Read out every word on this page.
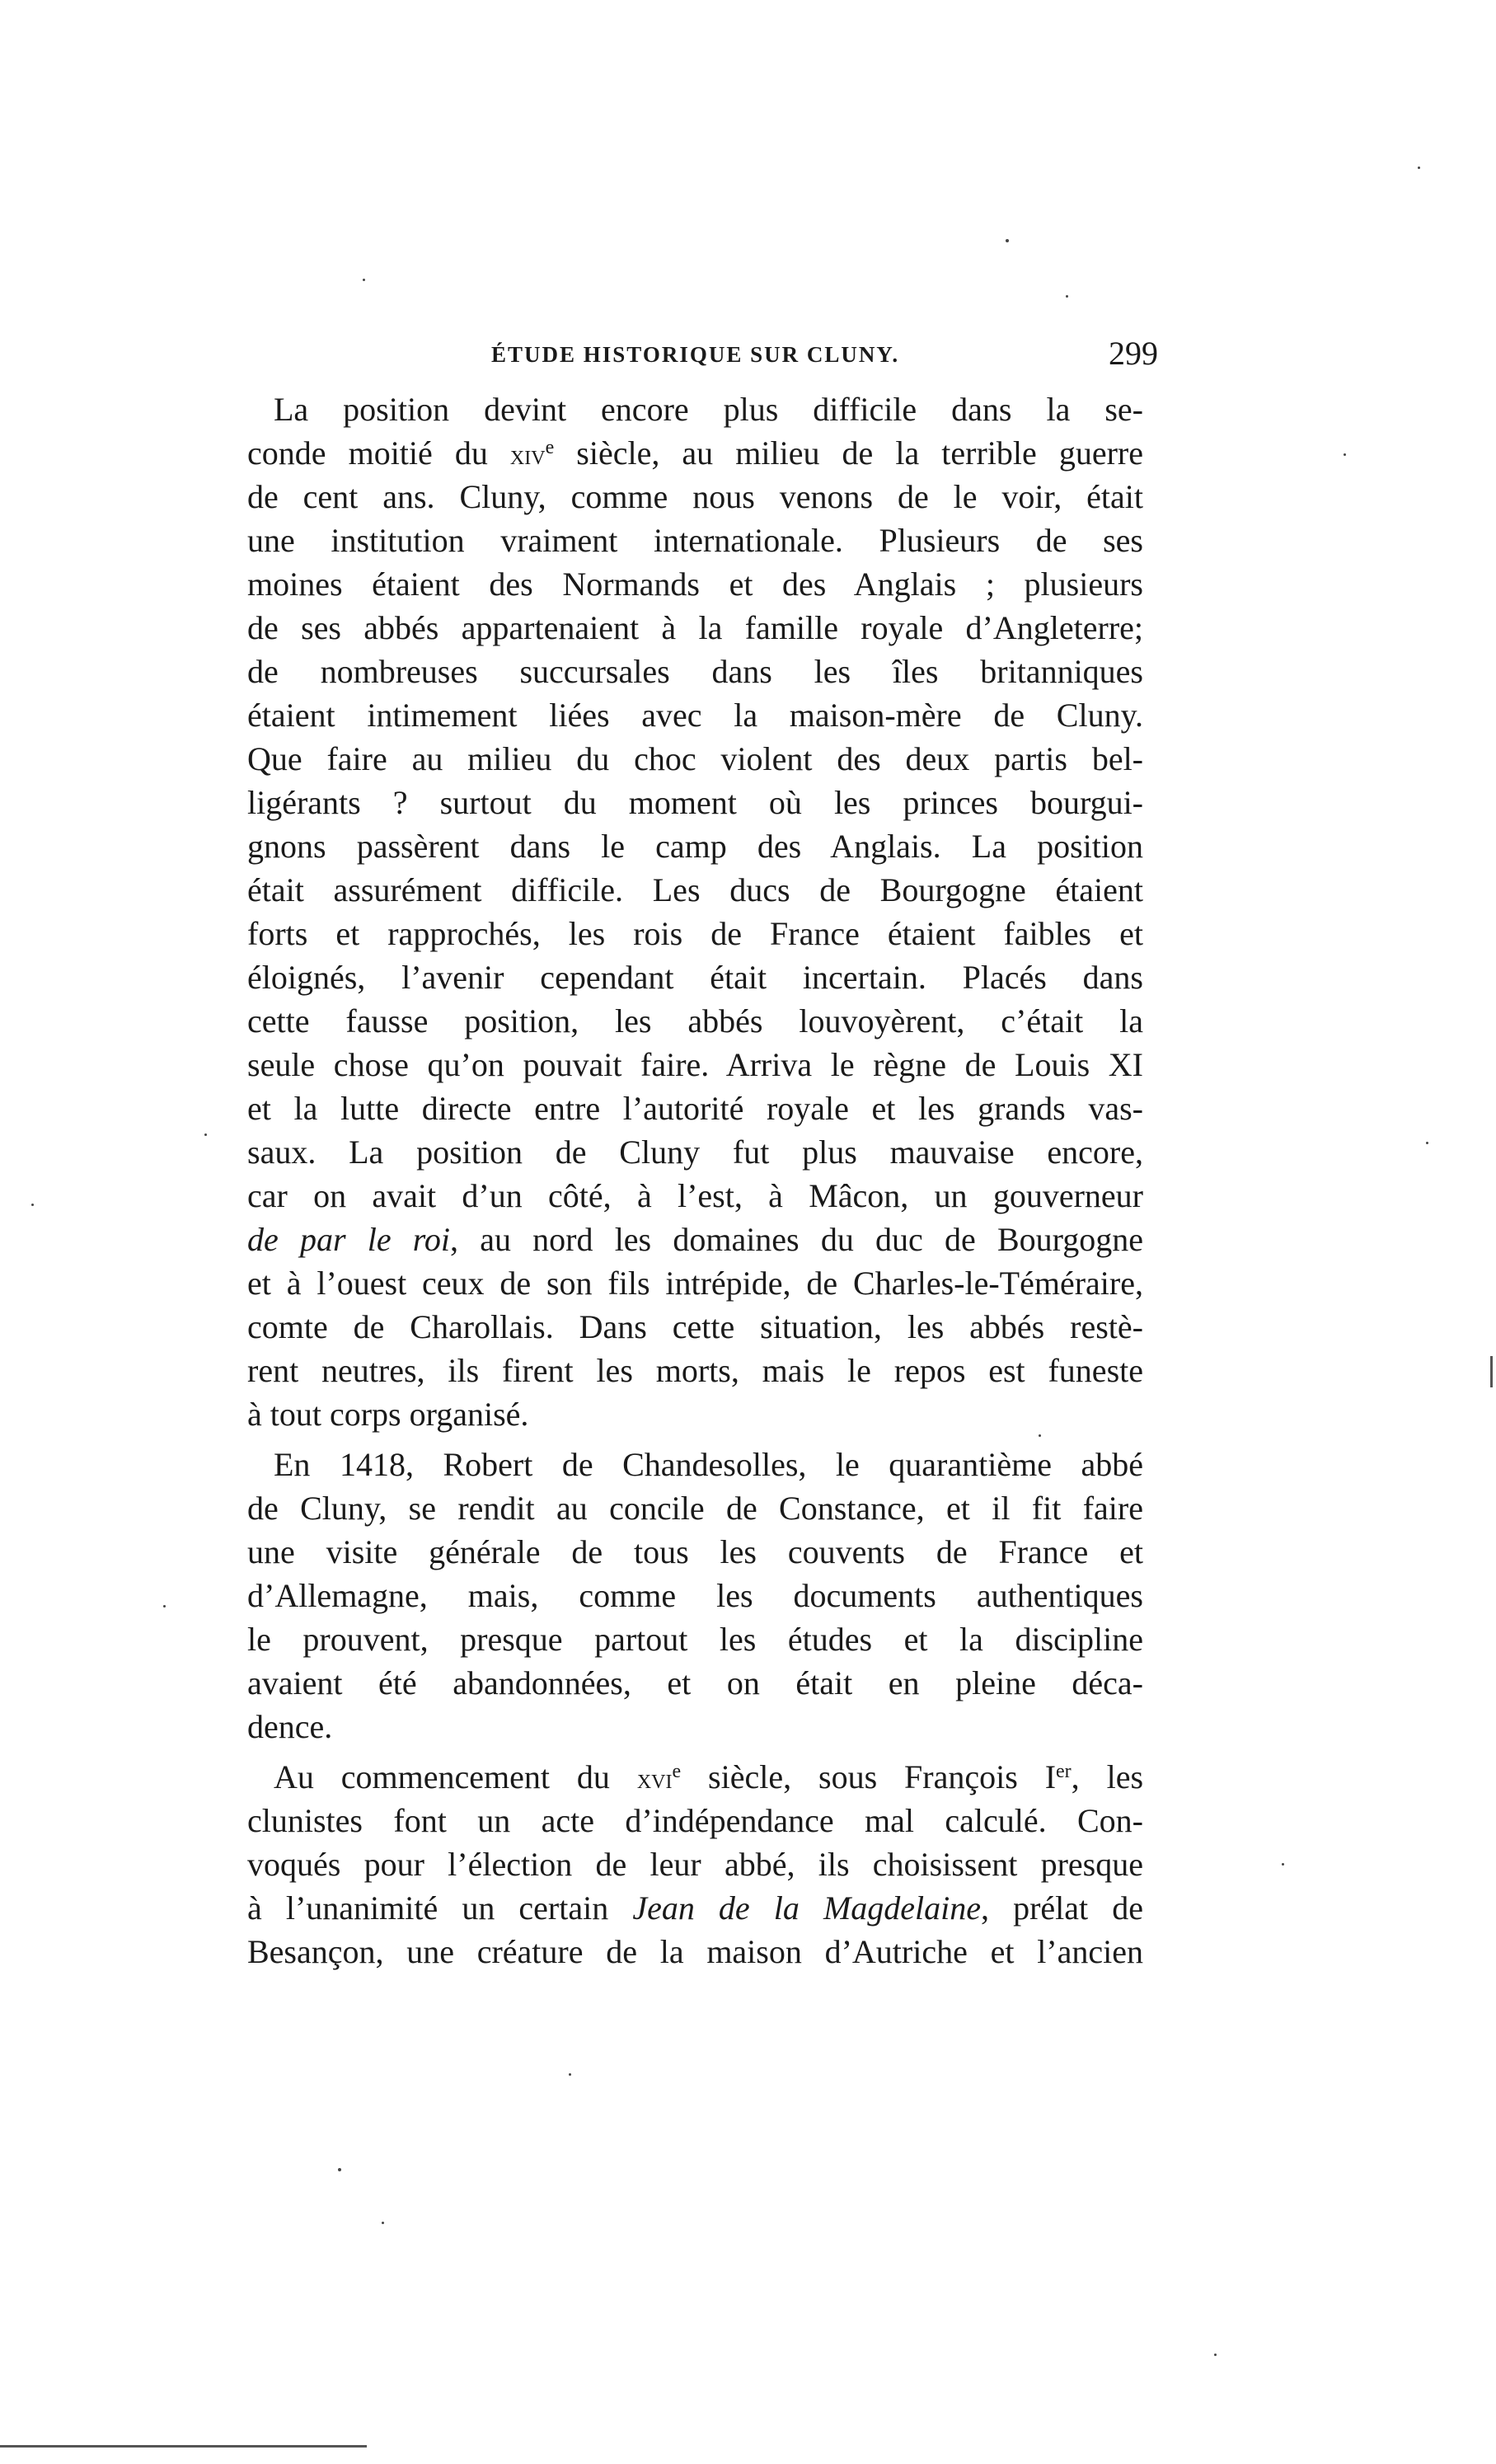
ÉTUDE HISTORIQUE SUR CLUNY.	299
La position devint encore plus difficile dans la se-
conde moitié du xiv$^e$ siècle, au milieu de la terrible guerre
de cent ans. Cluny, comme nous venons de le voir, était
une institution vraiment internationale. Plusieurs de ses
moines étaient des Normands et des Anglais ; plusieurs
de ses abbés appartenaient à la famille royale d’Angleterre;
de nombreuses succursales dans les îles britanniques
étaient intimement liées avec la maison-mère de Cluny.
Que faire au milieu du choc violent des deux partis bel-
ligérants ? surtout du moment où les princes bourgui-
gnons passèrent dans le camp des Anglais. La position
était assurément difficile. Les ducs de Bourgogne étaient
forts et rapprochés, les rois de France étaient faibles et
éloignés, l’avenir cependant était incertain. Placés dans
cette fausse position, les abbés louvoyèrent, c’était la
seule chose qu’on pouvait faire. Arriva le règne de Louis XI
et la lutte directe entre l’autorité royale et les grands vas-
saux. La position de Cluny fut plus mauvaise encore,
car on avait d’un côté, à l’est, à Mâcon, un gouverneur
de par le roi, au nord les domaines du duc de Bourgogne
et à l’ouest ceux de son fils intrépide, de Charles-le-Téméraire,
comte de Charollais. Dans cette situation, les abbés restè-
rent neutres, ils firent les morts, mais le repos est funeste
à tout corps organisé.
En 1418, Robert de Chandesolles, le quarantième abbé
de Cluny, se rendit au concile de Constance, et il fit faire
une visite générale de tous les couvents de France et
d’Allemagne, mais, comme les documents authentiques
le prouvent, presque partout les études et la discipline
avaient été abandonnées, et on était en pleine déca-
dence.
Au commencement du xvi$^e$ siècle, sous François Ier, les
clunistes font un acte d’indépendance mal calculé. Con-
voqués pour l’élection de leur abbé, ils choisissent presque
à l’unanimité un certain Jean de la Magdelaine, prélat de
Besançon, une créature de la maison d’Autriche et l’ancien
